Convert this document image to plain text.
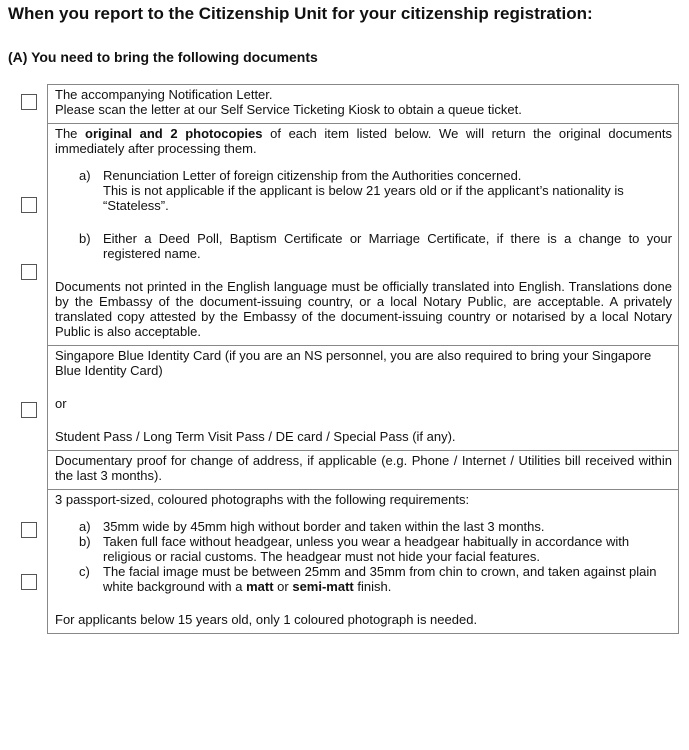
When you report to the Citizenship Unit for your citizenship registration:
(A) You need to bring the following documents

The accompanying Notification Letter.

Please scan the letter at our Self Service Ticketing Kiosk to obtain a queue ticket.

The original and 2 photocopies of each item listed below. We will return the original documents immediately after processing them.

a) Renunciation Letter of foreign citizenship from the Authorities concerned.

This is not applicable if the applicant is below 21 years old or if the applicant’s nationality is “Stateless”.

b) Either a Deed Poll, Baptism Certificate or Marriage Certificate, if there is a change to your registered name.

Documents not printed in the English language must be officially translated into English. Translations done by the Embassy of the document-issuing country, or a local Notary Public, are acceptable. A privately translated copy attested by the Embassy of the document-issuing country or notarised by a local Notary Public is also acceptable.

Singapore Blue Identity Card (if you are an NS personnel, you are also required to bring your Singapore Blue Identity Card)

or

Student Pass / Long Term Visit Pass / DE card / Special Pass (if any).

Documentary proof for change of address, if applicable (e.g. Phone / Internet / Utilities bill received within the last 3 months).

3 passport-sized, coloured photographs with the following requirements:

a) 35mm wide by 45mm high without border and taken within the last 3 months.
b) Taken full face without headgear, unless you wear a headgear habitually in accordance with religious or racial customs. The headgear must not hide your facial features.
c) The facial image must be between 25mm and 35mm from chin to crown, and taken against plain white background with a matt or semi-matt finish.

For applicants below 15 years old, only 1 coloured photograph is needed.
